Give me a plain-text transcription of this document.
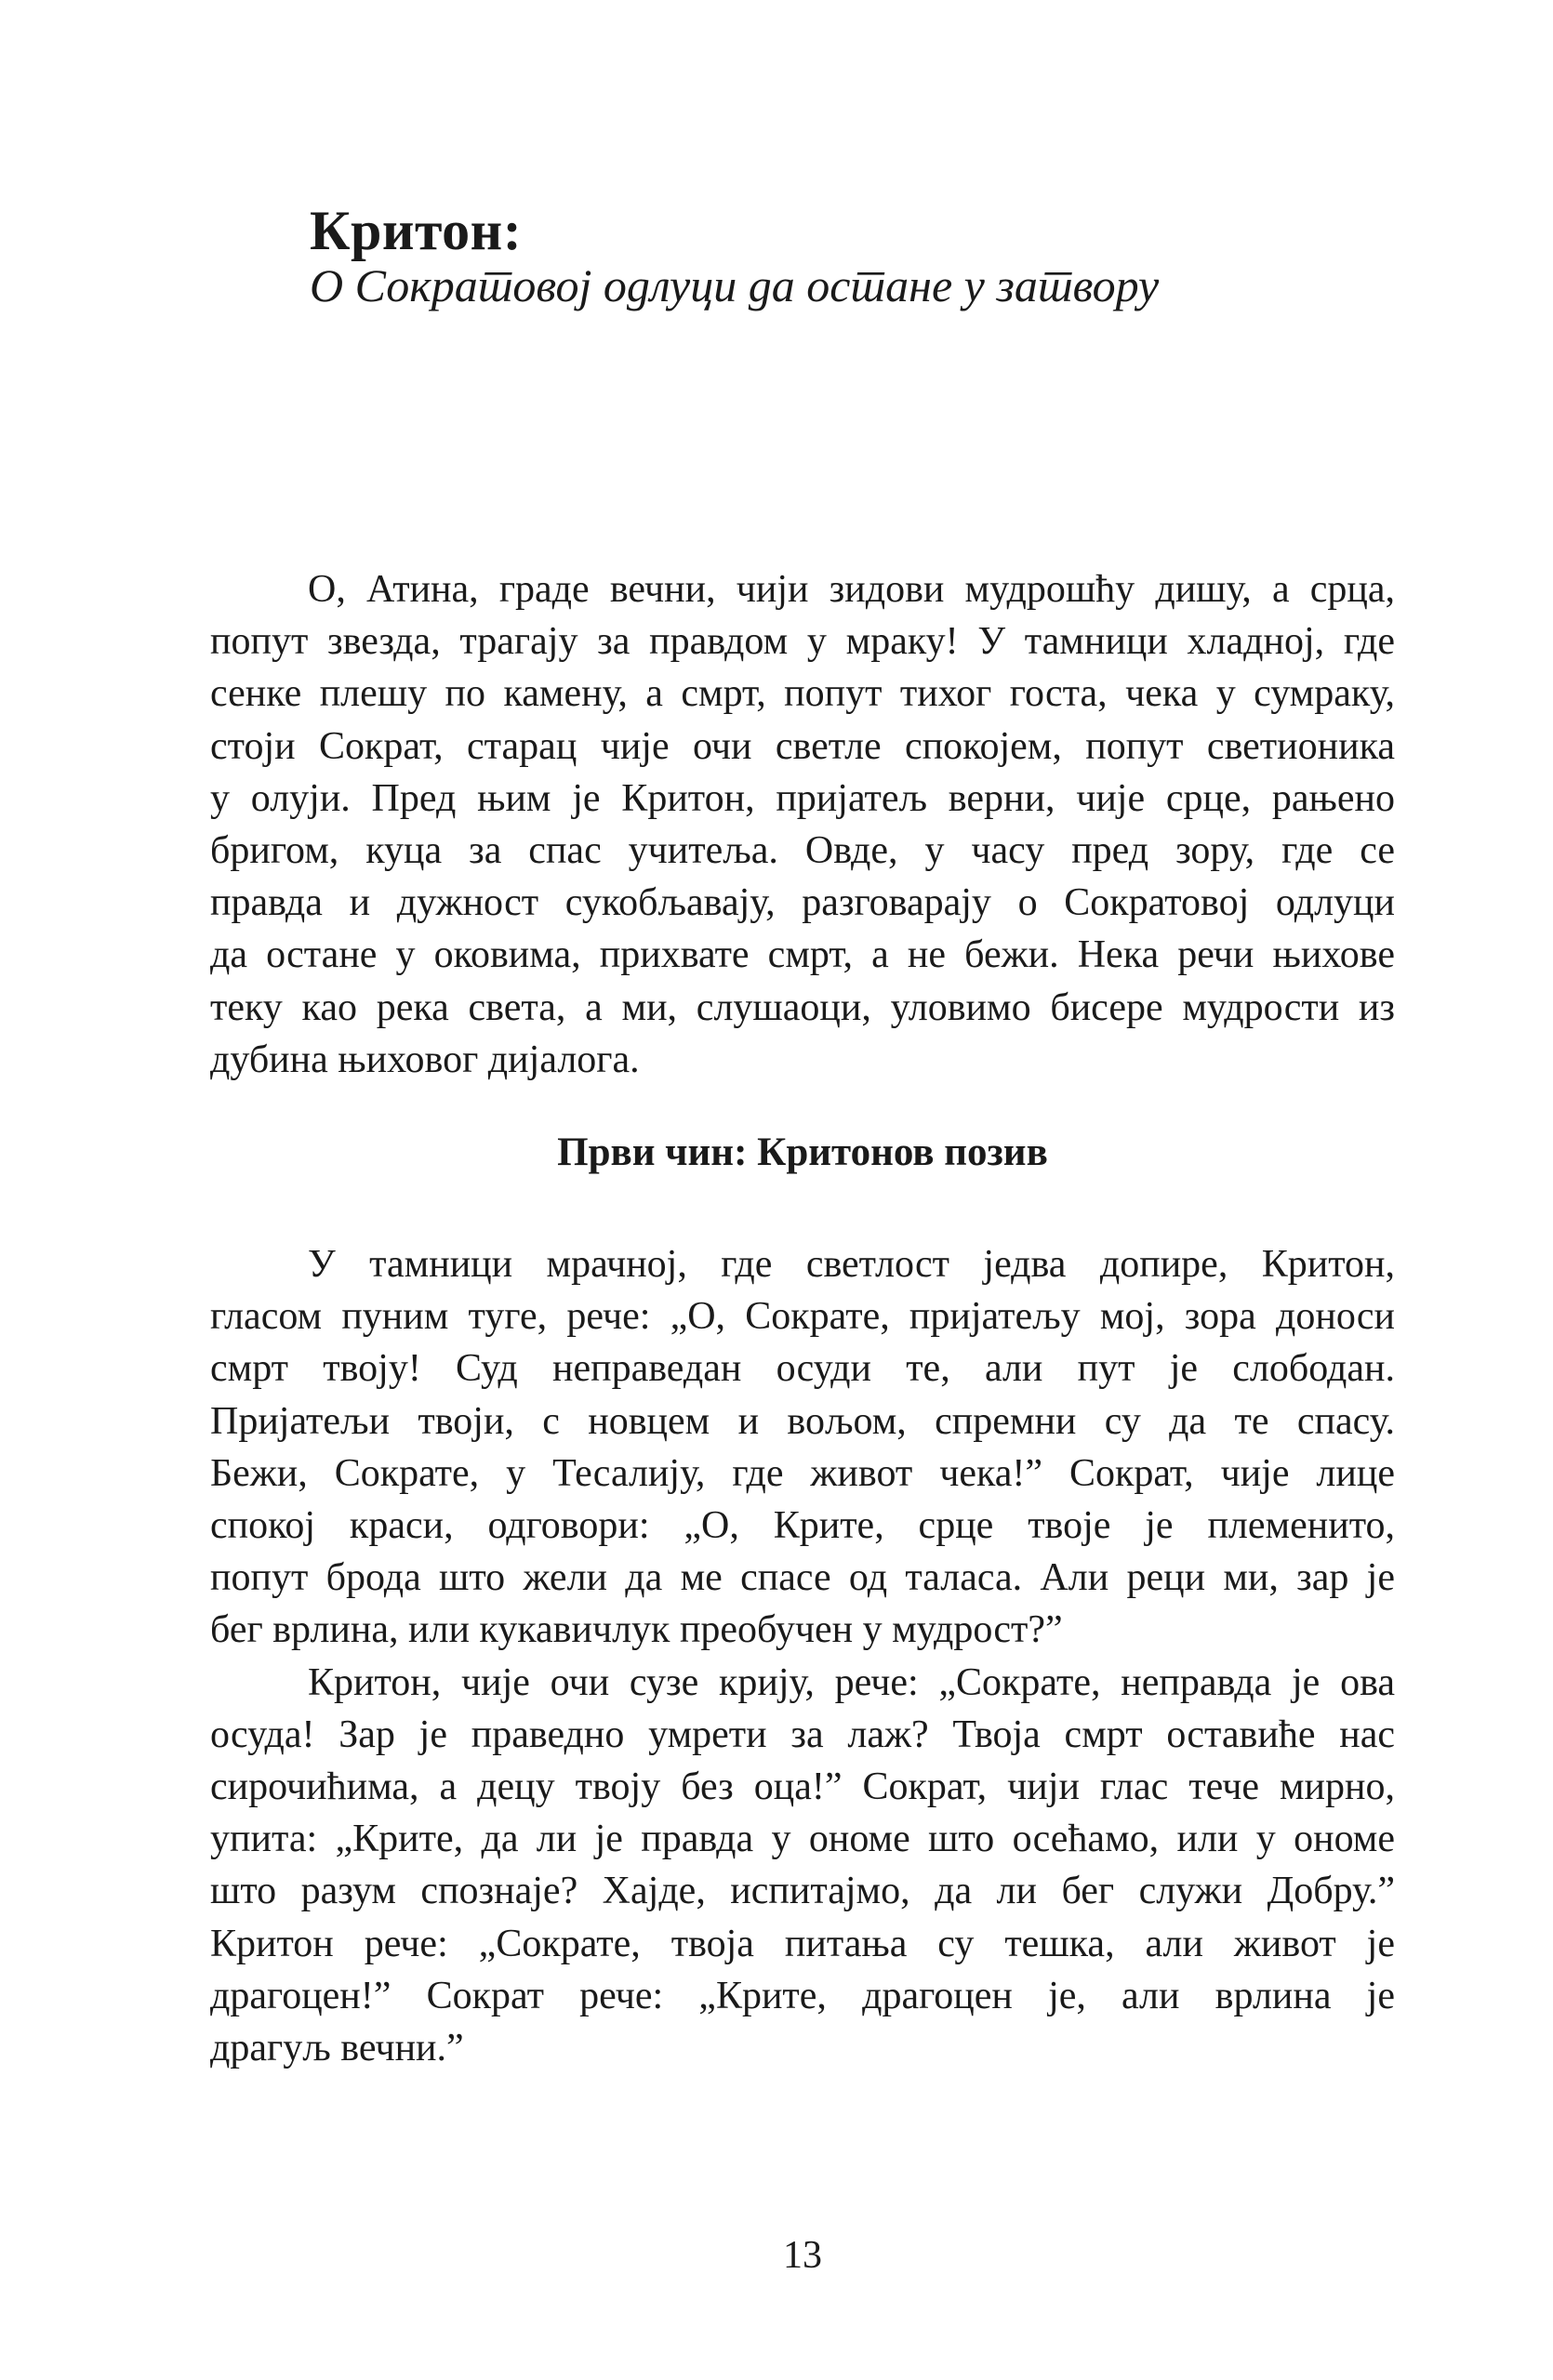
Критон:
О Сократовој одлуци да остане у затвору
О, Атина, граде вечни, чији зидови мудрошћу дишу, а срца,
попут звезда, трагају за правдом у мраку! У тамници хладној, где
сенке плешу по камену, а смрт, попут тихог госта, чека у сумраку,
стоји Сократ, старац чије очи светле спокојем, попут светионика
у олуји. Пред њим је Критон, пријатељ верни, чије срце, рањено
бригом, куца за спас учитеља. Овде, у часу пред зору, где се
правда и дужност сукобљавају, разговарају о Сократовој одлуци
да остане у оковима, прихвате смрт, а не бежи. Нека речи њихове
теку као река света, а ми, слушаоци, уловимо бисере мудрости из
дубина њиховог дијалога.
Први чин: Критонов позив
У тамници мрачној, где светлост једва допире, Критон,
гласом пуним туге, рече: „О, Сократе, пријатељу мој, зора доноси
смрт твоју! Суд неправедан осуди те, али пут је слободан.
Пријатељи твоји, с новцем и вољом, спремни су да те спасу.
Бежи, Сократе, у Тесалију, где живот чека!” Сократ, чије лице
спокој краси, одговори: „О, Крите, срце твоје је племенито,
попут брода што жели да ме спасе од таласа. Али реци ми, зар је
бег врлина, или кукавичлук преобучен у мудрост?”
Критон, чије очи сузе крију, рече: „Сократе, неправда је ова
осуда! Зар је праведно умрети за лаж? Твоја смрт оставиће нас
сирочићима, а децу твоју без оца!” Сократ, чији глас тече мирно,
упита: „Крите, да ли је правда у ономе што осећамо, или у ономе
што разум спознаје? Хајде, испитајмо, да ли бег служи Добру.”
Критон рече: „Сократе, твоја питања су тешка, али живот је
драгоцен!” Сократ рече: „Крите, драгоцен је, али врлина је
драгуљ вечни.”
13
